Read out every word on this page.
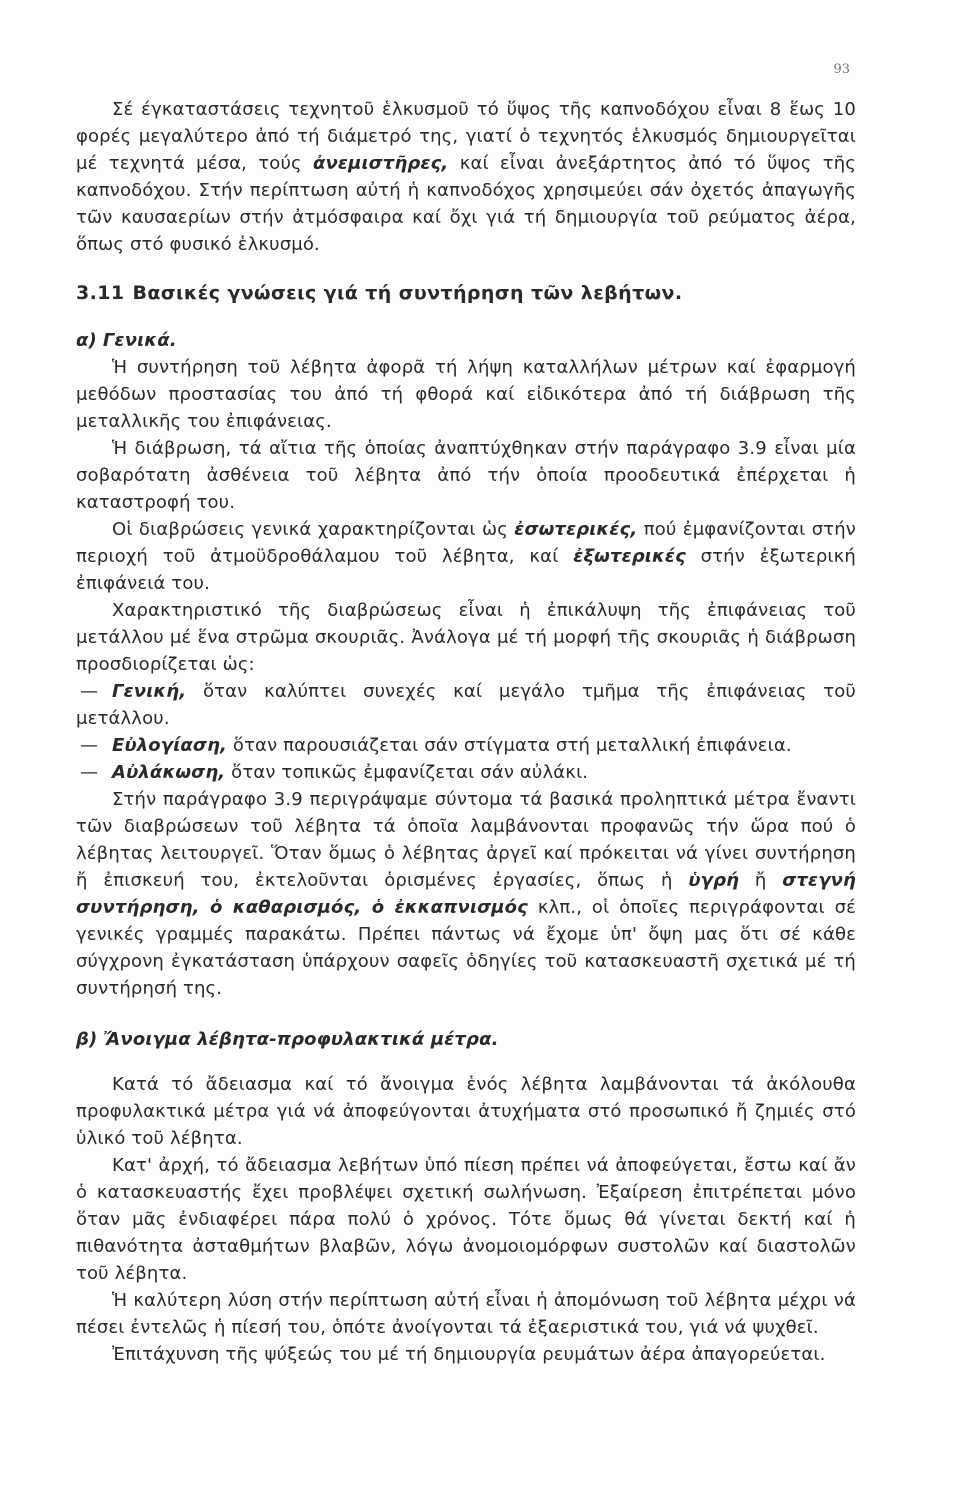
93

Σέ έγκαταστάσεις τεχνητοῦ ἑλκυσμοῦ τό ὕψος τῆς καπνοδόχου εἶναι 8 ἕως 10 φορές μεγαλύτερο ἀπό τή διάμετρό της, γιατί ὁ τεχνητός ἑλκυσμός δημιουργεῖται μέ τεχνητά μέσα, τούς ἀνεμιστῆρες, καί εἶναι ἀνεξάρτητος ἀπό τό ὕψος τῆς καπνοδόχου. Στήν περίπτωση αὐτή ἡ καπνοδόχος χρησιμεύει σάν ὀχετός ἀπαγωγῆς τῶν καυσαερίων στήν ἀτμόσφαιρα καί ὄχι γιά τή δημιουργία τοῦ ρεύματος ἀέρα, ὅπως στό φυσικό ἑλκυσμό.

3.11 Βασικές γνώσεις γιά τή συντήρηση τῶν λεβήτων.
α) Γενικά.

Ἡ συντήρηση τοῦ λέβητα ἀφορᾶ τή λήψη καταλλήλων μέτρων καί ἐφαρμογή μεθόδων προστασίας του ἀπό τή φθορά καί εἰδικότερα ἀπό τή διάβρωση τῆς μεταλλικῆς του ἐπιφάνειας.

Ἡ διάβρωση, τά αἴτια τῆς ὁποίας ἀναπτύχθηκαν στήν παράγραφο 3.9 εἶναι μία σοβαρότατη ἀσθένεια τοῦ λέβητα ἀπό τήν ὁποία προοδευτικά ἐπέρχεται ἡ καταστροφή του.

Οἱ διαβρώσεις γενικά χαρακτηρίζονται ὡς ἐσωτερικές, πού ἐμφανίζονται στήν περιοχή τοῦ ἀτμοϋδροθάλαμου τοῦ λέβητα, καί ἐξωτερικές στήν ἐξωτερική ἐπιφάνειά του.

Χαρακτηριστικό τῆς διαβρώσεως εἶναι ἡ ἐπικάλυψη τῆς ἐπιφάνειας τοῦ μετάλλου μέ ἕνα στρῶμα σκουριᾶς. Ἀνάλογα μέ τή μορφή τῆς σκουριᾶς ἡ διάβρωση προσδιορίζεται ὡς:

— Γενική, ὅταν καλύπτει συνεχές καί μεγάλο τμῆμα τῆς ἐπιφάνειας τοῦ μετάλλου.

— Εὐλογίαση, ὅταν παρουσιάζεται σάν στίγματα στή μεταλλική ἐπιφάνεια.

— Αὐλάκωση, ὅταν τοπικῶς ἐμφανίζεται σάν αὐλάκι.

Στήν παράγραφο 3.9 περιγράψαμε σύντομα τά βασικά προληπτικά μέτρα ἔναντι τῶν διαβρώσεων τοῦ λέβητα τά ὁποῖα λαμβάνονται προφανῶς τήν ὥρα πού ὁ λέβητας λειτουργεῖ. Ὅταν ὅμως ὁ λέβητας ἀργεῖ καί πρόκειται νά γίνει συντήρηση ἤ ἐπισκευή του, ἐκτελοῦνται ὁρισμένες ἐργασίες, ὅπως ἡ ὑγρή ἤ στεγνή συντήρηση, ὁ καθαρισμός, ὁ ἐκκαπνισμός κλπ., οἱ ὁποῖες περιγράφονται σέ γενικές γραμμές παρακάτω. Πρέπει πάντως νά ἔχομε ὑπ' ὄψη μας ὅτι σέ κάθε σύγχρονη ἐγκατάσταση ὑπάρχουν σαφεῖς ὁδηγίες τοῦ κατασκευαστῆ σχετικά μέ τή συντήρησή της.

β) Ἄνοιγμα λέβητα-προφυλακτικά μέτρα.

Κατά τό ἄδειασμα καί τό ἄνοιγμα ἑνός λέβητα λαμβάνονται τά ἀκόλουθα προφυλακτικά μέτρα γιά νά ἀποφεύγονται ἀτυχήματα στό προσωπικό ἤ ζημιές στό ὑλικό τοῦ λέβητα.

Κατ' ἀρχή, τό ἄδειασμα λεβήτων ὑπό πίεση πρέπει νά ἀποφεύγεται, ἔστω καί ἄν ὁ κατασκευαστής ἔχει προβλέψει σχετική σωλήνωση. Ἐξαίρεση ἐπιτρέπεται μόνο ὅταν μᾶς ἐνδιαφέρει πάρα πολύ ὁ χρόνος. Τότε ὅμως θά γίνεται δεκτή καί ἡ πιθανότητα ἀσταθμήτων βλαβῶν, λόγω ἀνομοιομόρφων συστολῶν καί διαστολῶν τοῦ λέβητα.

Ἡ καλύτερη λύση στήν περίπτωση αὐτή εἶναι ἡ ἀπομόνωση τοῦ λέβητα μέχρι νά πέσει ἐντελῶς ἡ πίεσή του, ὁπότε ἀνοίγονται τά ἐξαεριστικά του, γιά νά ψυχθεῖ.

Ἐπιτάχυνση τῆς ψύξεώς του μέ τή δημιουργία ρευμάτων ἀέρα ἀπαγορεύεται.
